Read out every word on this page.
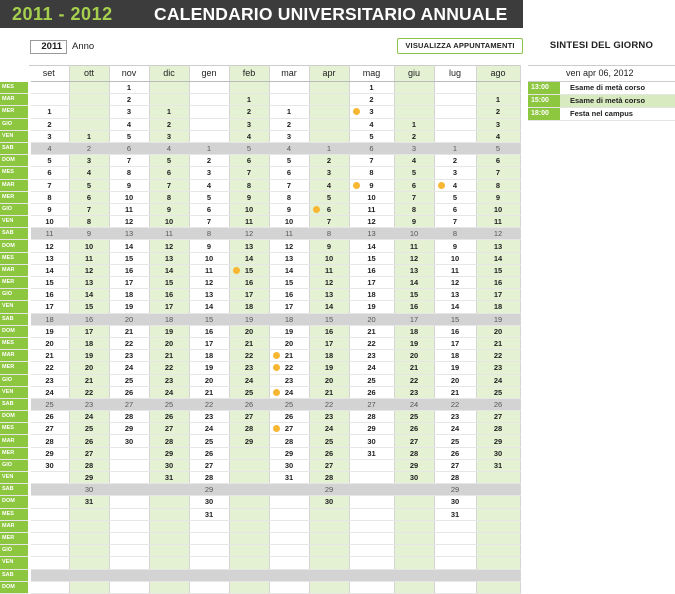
2011 - 2012	CALENDARIO UNIVERSITARIO ANNUALE
2011	Anno	VISUALIZZA APPUNTAMENTI
	set	ott	nov	dic	gen	feb	mar	apr	mag	giu	lug	ago
MES			1						1			
MAR			2			1			2			1
MER	1		3	1		2	1		3			2
GIO	2		4	2		3	2		4	1		3
VEN	3	1	5	3		4	3		5	2		4
SAB	4	2	6	4	1	5	4	1	6	3	1	5
DOM	5	3	7	5	2	6	5	2	7	4	2	6
MES	6	4	8	6	3	7	6	3	8	5	3	7
MAR	7	5	9	7	4	8	7	4	9	6	4	8
MER	8	6	10	8	5	9	8	5	10	7	5	9
GIO	9	7	11	9	6	10	9	6	11	8	6	10
VEN	10	8	12	10	7	11	10	7	12	9	7	11
SAB	11	9	13	11	8	12	11	8	13	10	8	12
DOM	12	10	14	12	9	13	12	9	14	11	9	13
MES	13	11	15	13	10	14	13	10	15	12	10	14
MAR	14	12	16	14	11	15	14	11	16	13	11	15
MER	15	13	17	15	12	16	15	12	17	14	12	16
GIO	16	14	18	16	13	17	16	13	18	15	13	17
VEN	17	15	19	17	14	18	17	14	19	16	14	18
SAB	18	16	20	18	15	19	18	15	20	17	15	19
DOM	19	17	21	19	16	20	19	16	21	18	16	20
MES	20	18	22	20	17	21	20	17	22	19	17	21
MAR	21	19	23	21	18	22	21	18	23	20	18	22
MER	22	20	24	22	19	23	22	19	24	21	19	23
GIO	23	21	25	23	20	24	23	20	25	22	20	24
VEN	24	22	26	24	21	25	24	21	26	23	21	25
SAB	25	23	27	25	22	26	25	22	27	24	22	26
DOM	26	24	28	26	23	27	26	23	28	25	23	27
MES	27	25	29	27	24	28	27	24	29	26	24	28
MAR	28	26	30	28	25	29	28	25	30	27	25	29
MER	29	27		29	26		29	26	31	28	26	30
GIO	30	28		30	27		30	27		29	27	31
VEN		29		31	28		31	28		30	28	
SAB		30			29			29			29	
DOM		31			30			30			30	
MES					31						31	
MAR												
MER												
GIO												
VEN												
SAB												
DOM												
SINTESI DEL GIORNO
ven apr 06, 2012
13:00	Esame di metà corso
15:00	Esame di metà corso
18:00	Festa nel campus
